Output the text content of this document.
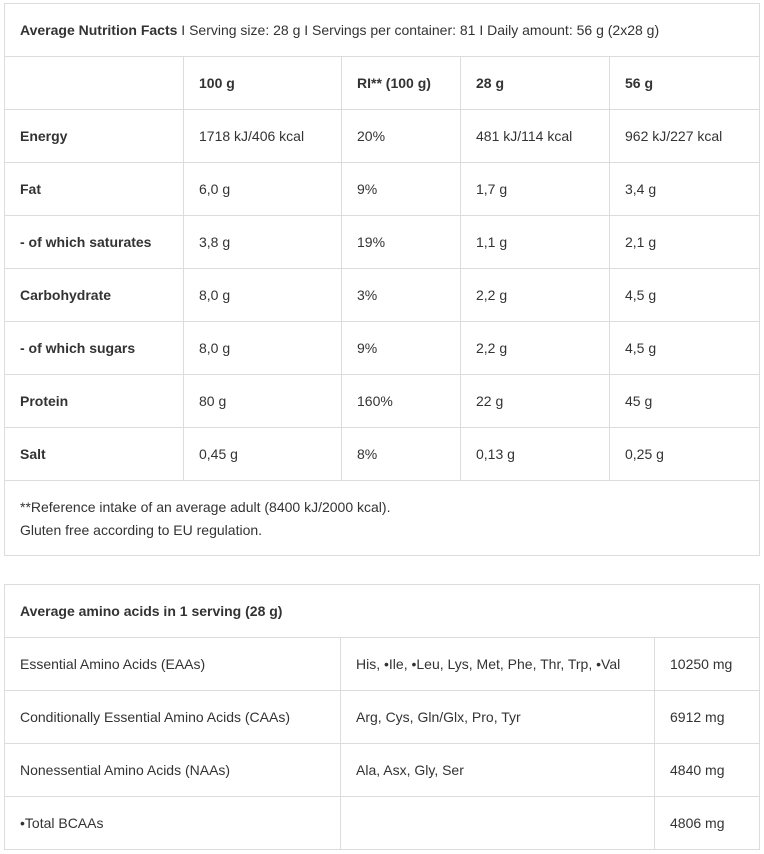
Average Nutrition Facts I Serving size: 28 g I Servings per container: 81 I Daily amount: 56 g (2x28 g)				
	100 g	RI** (100 g)	28 g	56 g
Energy	1718 kJ/406 kcal	20%	481 kJ/114 kcal	962 kJ/227 kcal
Fat	6,0 g	9%	1,7 g	3,4 g
- of which saturates	3,8 g	19%	1,1 g	2,1 g
Carbohydrate	8,0 g	3%	2,2 g	4,5 g
- of which sugars	8,0 g	9%	2,2 g	4,5 g
Protein	80 g	160%	22 g	45 g
Salt	0,45 g	8%	0,13 g	0,25 g

**Reference intake of an average adult (8400 kJ/2000 kcal).
Gluten free according to EU regulation.				
Average amino acids in 1 serving (28 g)		
Essential Amino Acids (EAAs)	His, •Ile, •Leu, Lys, Met, Phe, Thr, Trp, •Val	10250 mg
Conditionally Essential Amino Acids (CAAs)	Arg, Cys, Gln/Glx, Pro, Tyr	6912 mg
Nonessential Amino Acids (NAAs)	Ala, Asx, Gly, Ser	4840 mg
•Total BCAAs		4806 mg
